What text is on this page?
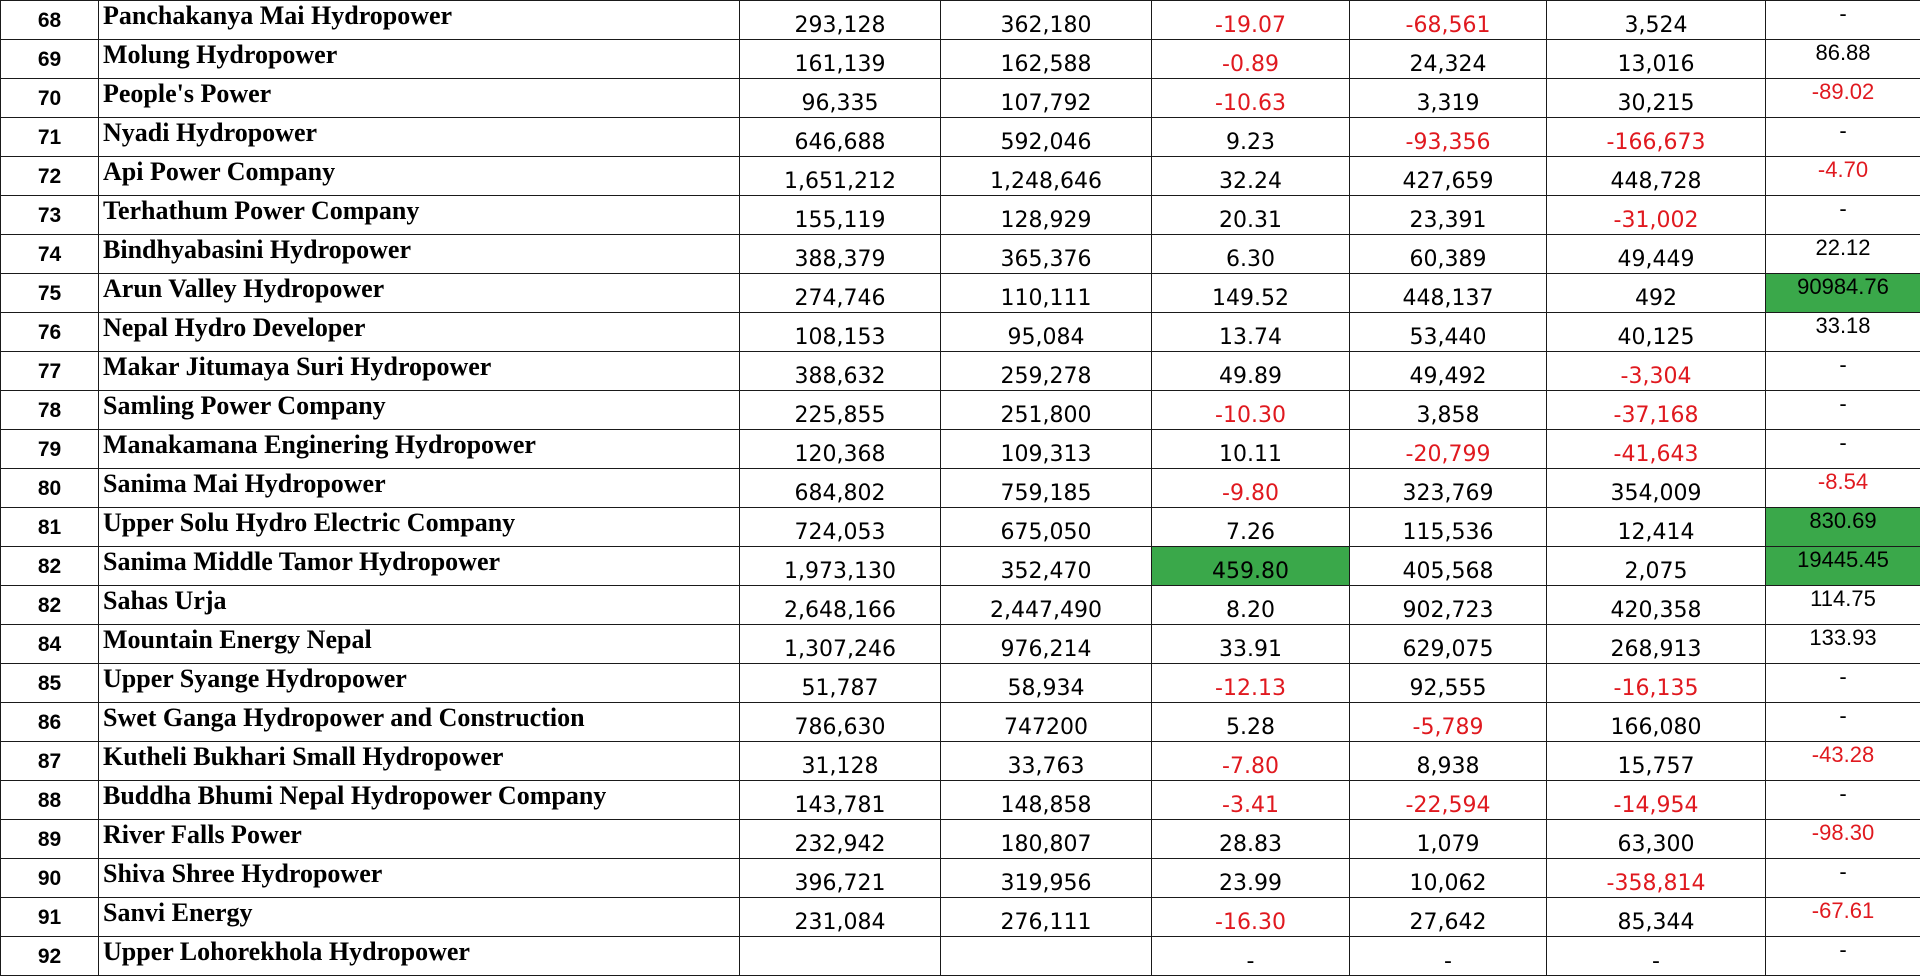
68	Panchakanya Mai Hydropower	293,128	362,180	-19.07	-68,561	3,524	-
69	Molung Hydropower	161,139	162,588	-0.89	24,324	13,016	86.88
70	People's Power	96,335	107,792	-10.63	3,319	30,215	-89.02
71	Nyadi Hydropower	646,688	592,046	9.23	-93,356	-166,673	-
72	Api Power Company	1,651,212	1,248,646	32.24	427,659	448,728	-4.70
73	Terhathum Power Company	155,119	128,929	20.31	23,391	-31,002	-
74	Bindhyabasini Hydropower	388,379	365,376	6.30	60,389	49,449	22.12
75	Arun Valley Hydropower	274,746	110,111	149.52	448,137	492	90984.76
76	Nepal Hydro Developer	108,153	95,084	13.74	53,440	40,125	33.18
77	Makar Jitumaya Suri Hydropower	388,632	259,278	49.89	49,492	-3,304	-
78	Samling Power Company	225,855	251,800	-10.30	3,858	-37,168	-
79	Manakamana Enginering Hydropower	120,368	109,313	10.11	-20,799	-41,643	-
80	Sanima Mai Hydropower	684,802	759,185	-9.80	323,769	354,009	-8.54
81	Upper Solu Hydro Electric Company	724,053	675,050	7.26	115,536	12,414	830.69
82	Sanima Middle Tamor Hydropower	1,973,130	352,470	459.80	405,568	2,075	19445.45
82	Sahas Urja	2,648,166	2,447,490	8.20	902,723	420,358	114.75
84	Mountain Energy Nepal	1,307,246	976,214	33.91	629,075	268,913	133.93
85	Upper Syange Hydropower	51,787	58,934	-12.13	92,555	-16,135	-
86	Swet Ganga Hydropower and Construction	786,630	747200	5.28	-5,789	166,080	-
87	Kutheli Bukhari Small Hydropower	31,128	33,763	-7.80	8,938	15,757	-43.28
88	Buddha Bhumi Nepal Hydropower Company	143,781	148,858	-3.41	-22,594	-14,954	-
89	River Falls Power	232,942	180,807	28.83	1,079	63,300	-98.30
90	Shiva Shree Hydropower	396,721	319,956	23.99	10,062	-358,814	-
91	Sanvi Energy	231,084	276,111	-16.30	27,642	85,344	-67.61
92	Upper Lohorekhola Hydropower			-	-	-	-
